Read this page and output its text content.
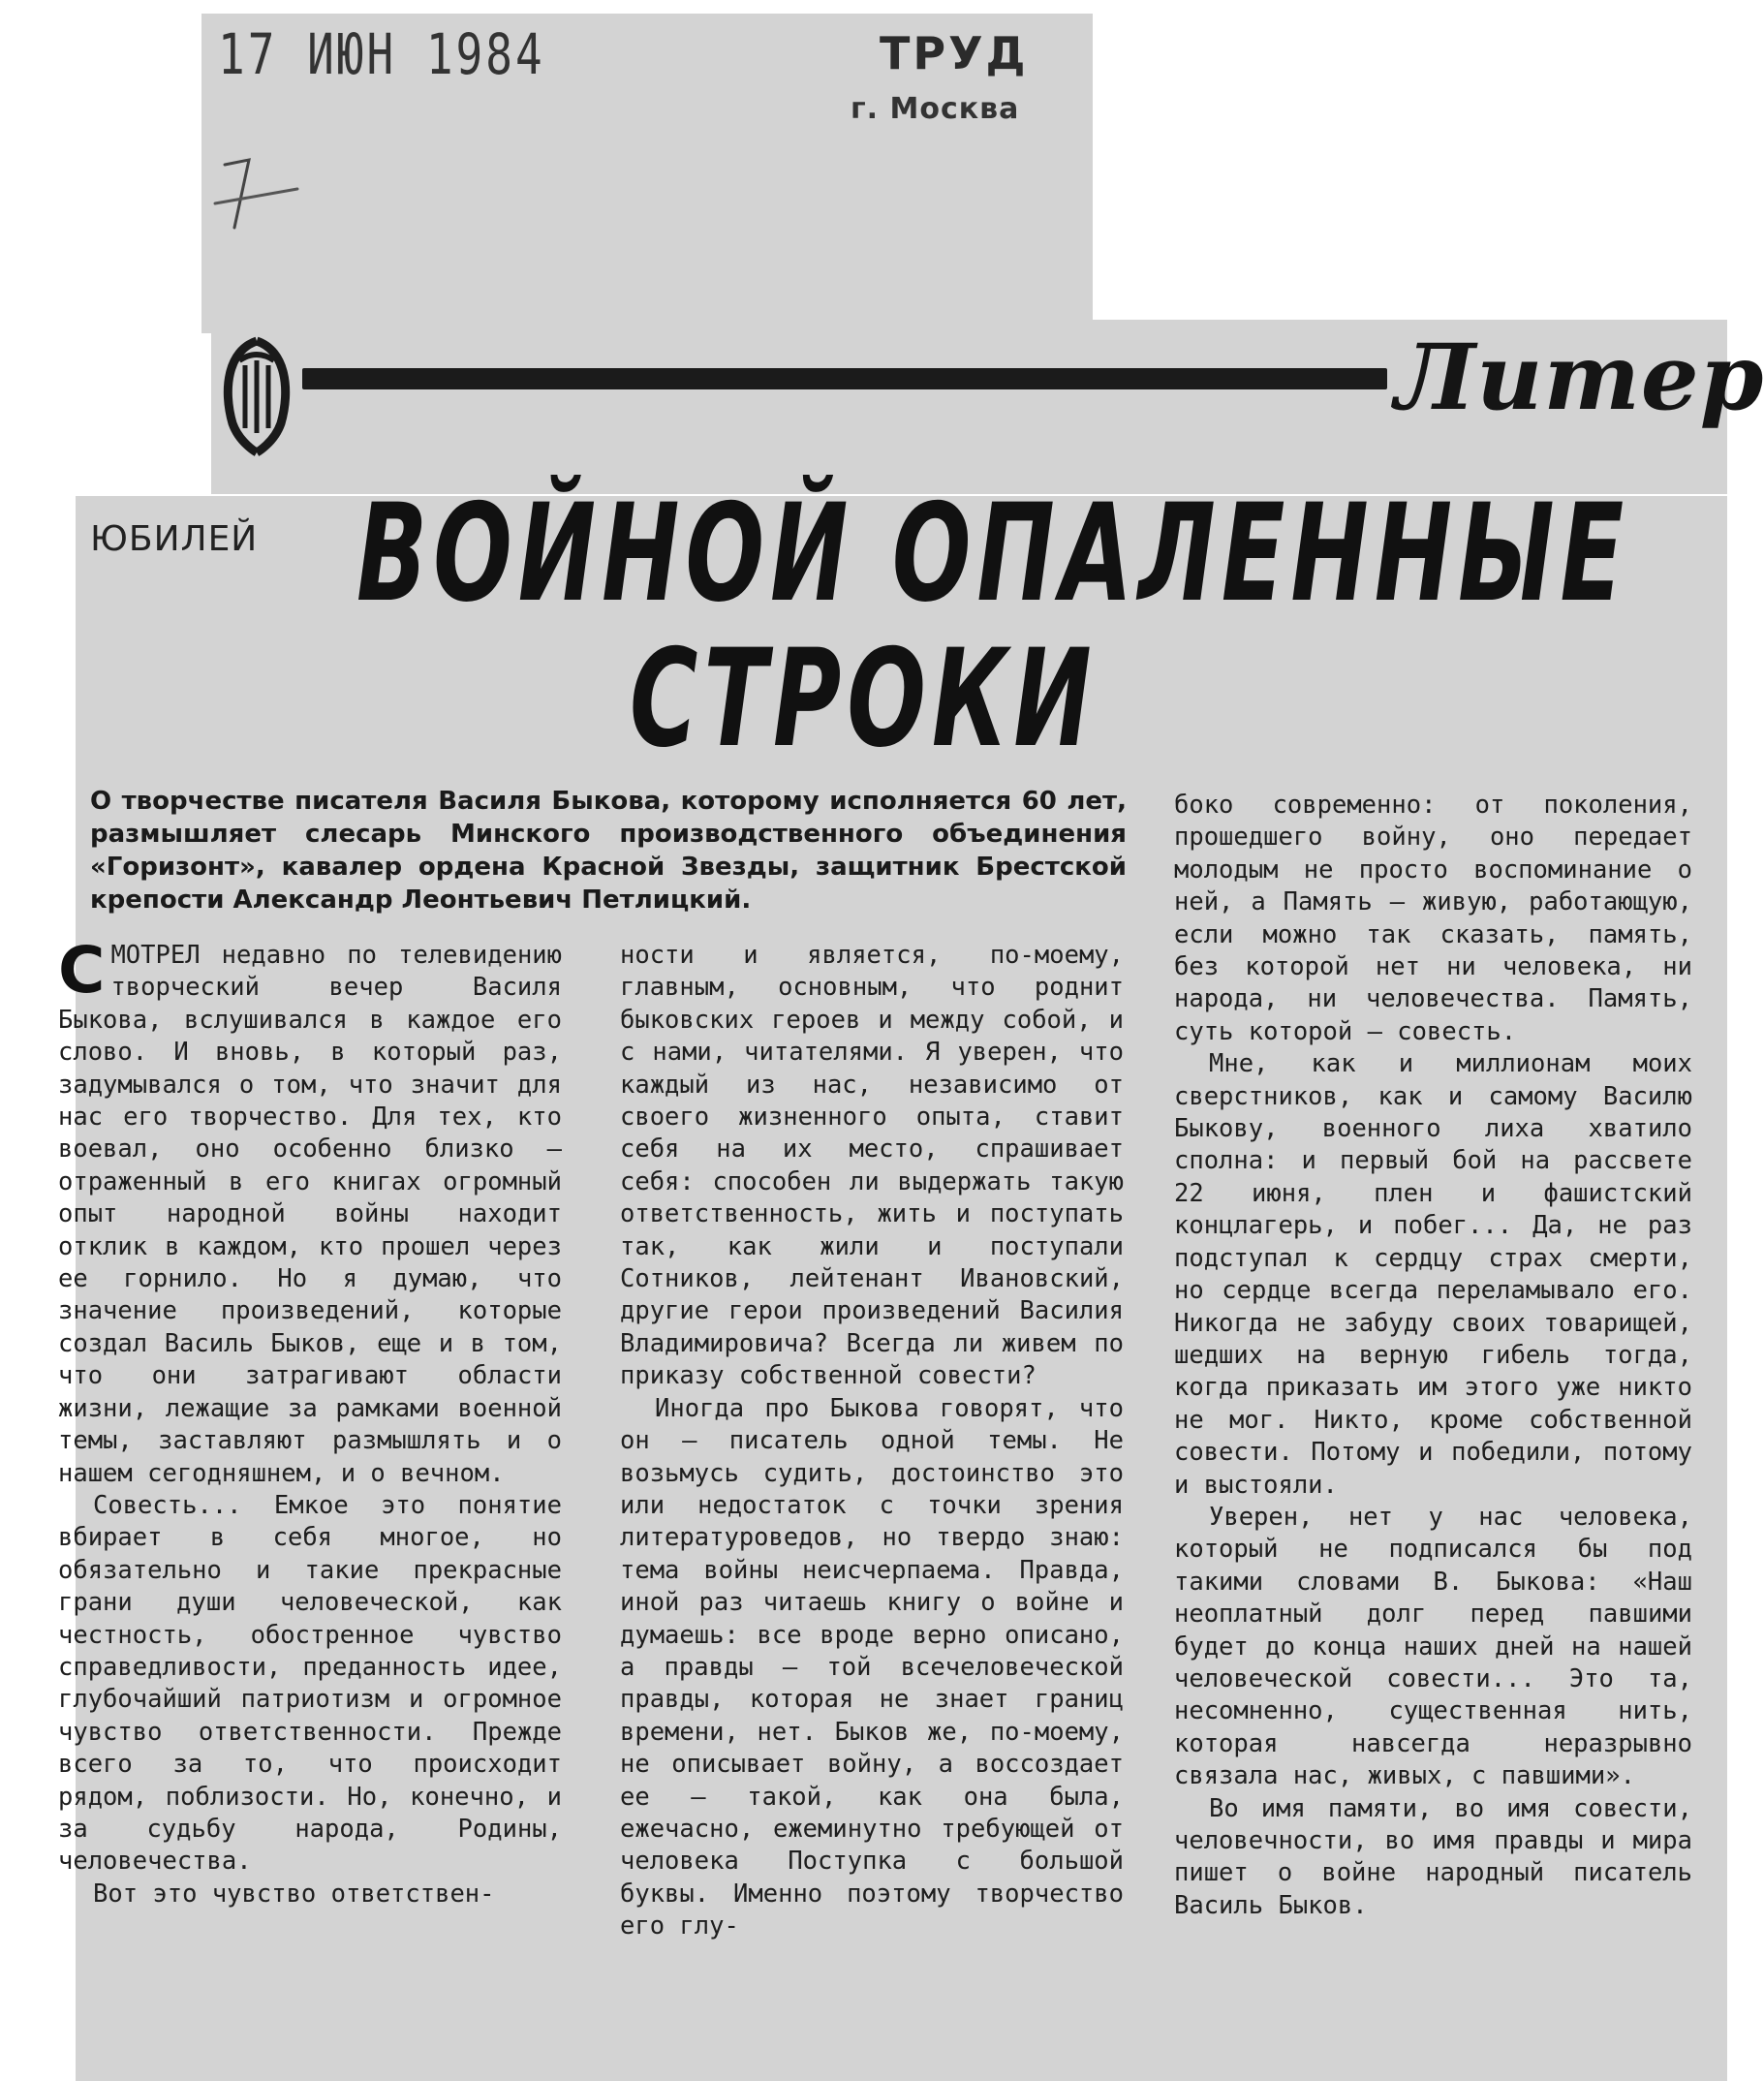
17 ИЮН 1984	ТРУД
г. Москва
Литер
ЮБИЛЕЙ ВОЙНОЙ ОПАЛЕННЫЕ
СТРОКИ
О творчестве писателя Василя Быкова, которому исполняется 60 лет, размышляет слесарь Минского производственного объединения «Горизонт», кавалер ордена Красной Звезды, защитник Брестской крепости Александр Леонтьевич Петлицкий.

СМОТРЕЛ недавно по телевидению творческий вечер Василя Быкова, вслушивался в каждое его слово. И вновь, в который раз, задумывался о том, что значит для нас его творчество. Для тех, кто воевал, оно особенно близко — отраженный в его книгах огромный опыт народной войны находит отклик в каждом, кто прошел через ее горнило. Но я думаю, что значение произведений, которые создал Василь Быков, еще и в том, что они затрагивают области жизни, лежащие за рамками военной темы, заставляют размышлять и о нашем сегодняшнем, и о вечном.

Совесть... Емкое это понятие вбирает в себя многое, но обязательно и такие прекрасные грани души человеческой, как честность, обостренное чувство справедливости, преданность идее, глубочайший патриотизм и огромное чувство ответственности. Прежде всего за то, что происходит рядом, поблизости. Но, конечно, и за судьбу народа, Родины, человечества.

Вот это чувство ответствен-

ности и является, по-моему, главным, основным, что роднит быковских героев и между собой, и с нами, читателями. Я уверен, что каждый из нас, независимо от своего жизненного опыта, ставит себя на их место, спрашивает себя: способен ли выдержать такую ответственность, жить и поступать так, как жили и поступали Сотников, лейтенант Ивановский, другие герои произведений Василия Владимировича? Всегда ли живем по приказу собственной совести?

Иногда про Быкова говорят, что он — писатель одной темы. Не возьмусь судить, достоинство это или недостаток с точки зрения литературоведов, но твердо знаю: тема войны неисчерпаема. Правда, иной раз читаешь книгу о войне и думаешь: все вроде верно описано, а правды — той всечеловеческой правды, которая не знает границ времени, нет. Быков же, по-моему, не описывает войну, а воссоздает ее — такой, как она была, ежечасно, ежеминутно требующей от человека Поступка с большой буквы. Именно поэтому творчество его глу-

боко современно: от поколения, прошедшего войну, оно передает молодым не просто воспоминание о ней, а Память — живую, работающую, если можно так сказать, память, без которой нет ни человека, ни народа, ни человечества. Память, суть которой — совесть.

Мне, как и миллионам моих сверстников, как и самому Василю Быкову, военного лиха хватило сполна: и первый бой на рассвете 22 июня, плен и фашистский концлагерь, и побег... Да, не раз подступал к сердцу страх смерти, но сердце всегда переламывало его. Никогда не забуду своих товарищей, шедших на верную гибель тогда, когда приказать им этого уже никто не мог. Никто, кроме собственной совести. Потому и победили, потому и выстояли.

Уверен, нет у нас человека, который не подписался бы под такими словами В. Быкова: «Наш неоплатный долг перед павшими будет до конца наших дней на нашей человеческой совести... Это та, несомненно, существенная нить, которая навсегда неразрывно связала нас, живых, с павшими».

Во имя памяти, во имя совести, человечности, во имя правды и мира пишет о войне народный писатель Василь Быков.
